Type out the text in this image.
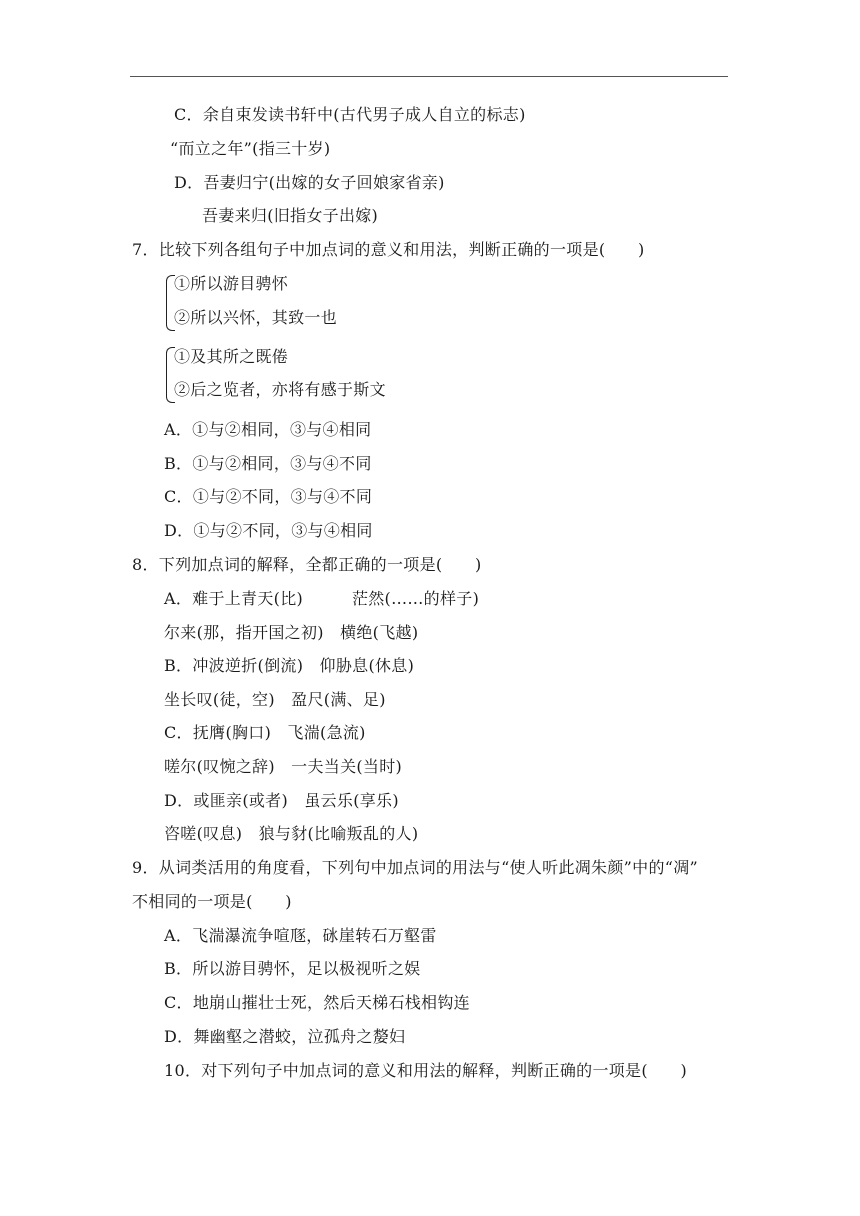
C．余自束发读书轩中(古代男子成人自立的标志)
“而立之年”(指三十岁)
D．吾妻归宁(出嫁的女子回娘家省亲)
吾妻来归(旧指女子出嫁)
7．比较下列各组句子中加点词的意义和用法，判断正确的一项是(　　)
①所以游目骋怀
②所以兴怀，其致一也
①及其所之既倦
②后之览者，亦将有感于斯文
A．①与②相同，③与④相同
B．①与②相同，③与④不同
C．①与②不同，③与④不同
D．①与②不同，③与④相同
8．下列加点词的解释，全都正确的一项是(　　)
A．难于上青天(比)　　　茫然(……的样子)
尔来(那，指开国之初)　横绝(飞越)
B．冲波逆折(倒流)　仰胁息(休息)
坐长叹(徒，空)　盈尺(满、足)
C．抚膺(胸口)　飞湍(急流)
嗟尔(叹惋之辞)　一夫当关(当时)
D．或匪亲(或者)　虽云乐(享乐)
咨嗟(叹息)　狼与豺(比喻叛乱的人)
9．从词类活用的角度看，下列句中加点词的用法与“使人听此凋朱颜”中的“凋”
不相同的一项是(　　)
A．飞湍瀑流争喧豗，砯崖转石万壑雷
B．所以游目骋怀，足以极视听之娱
C．地崩山摧壮士死，然后天梯石栈相钩连
D．舞幽壑之潜蛟，泣孤舟之嫠妇
10．对下列句子中加点词的意义和用法的解释，判断正确的一项是(　　)
